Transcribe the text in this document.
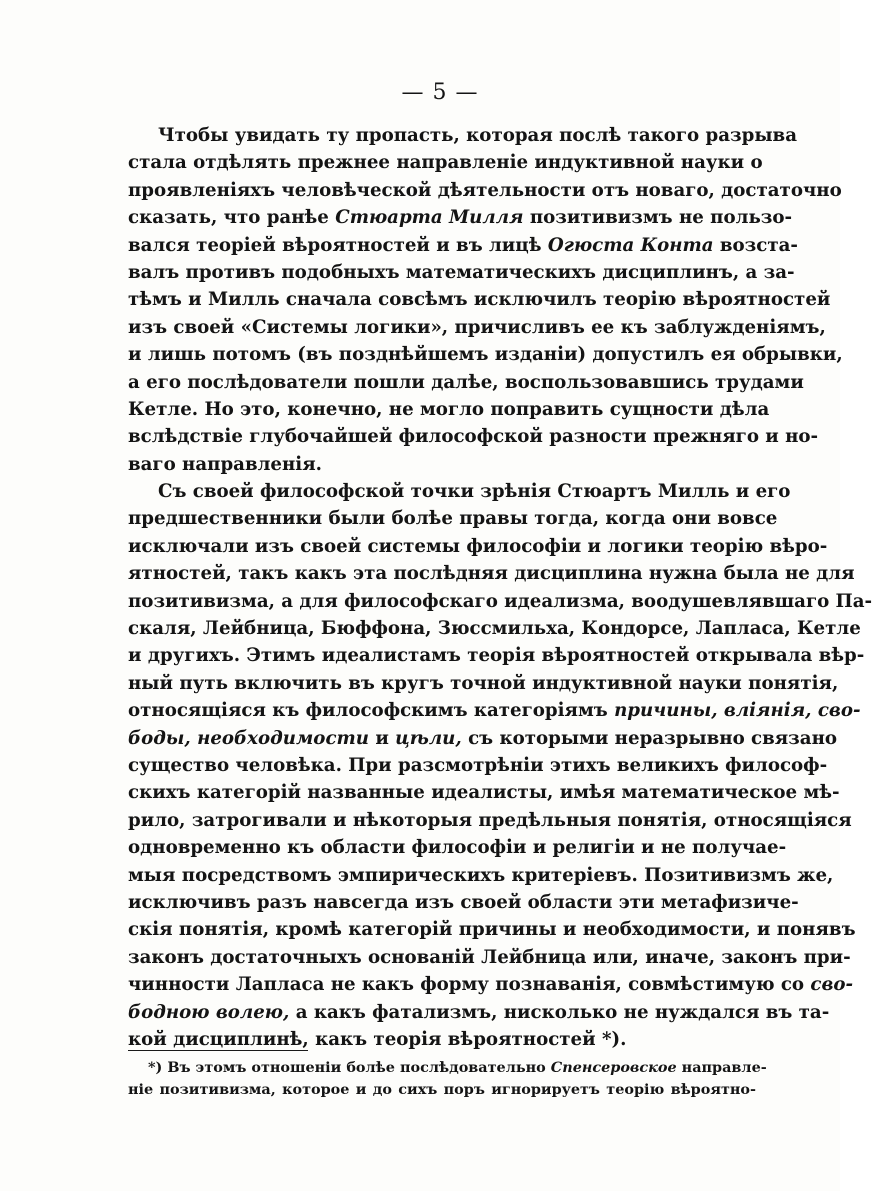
— 5 —
Чтобы увидать ту пропасть, которая послѣ такого разрыва
стала отдѣлять прежнее направленіе индуктивной науки о
проявленіяхъ человѣческой дѣятельности отъ новаго, достаточно
сказать, что ранѣе Стюарта Милля позитивизмъ не пользо-
вался теоріей вѣроятностей и въ лицѣ Огюста Конта возста-
валъ противъ подобныхъ математическихъ дисциплинъ, а за-
тѣмъ и Милль сначала совсѣмъ исключилъ теорію вѣроятностей
изъ своей «Системы логики», причисливъ ее къ заблужденіямъ,
и лишь потомъ (въ позднѣйшемъ изданіи) допустилъ ея обрывки,
а его послѣдователи пошли далѣе, воспользовавшись трудами
Кетле. Но это, конечно, не могло поправить сущности дѣла
вслѣдствіе глубочайшей философской разности прежняго и но-
ваго направленія.
Съ своей философской точки зрѣнія Стюартъ Милль и его
предшественники были болѣе правы тогда, когда они вовсе
исключали изъ своей системы философіи и логики теорію вѣро-
ятностей, такъ какъ эта послѣдняя дисциплина нужна была не для
позитивизма, а для философскаго идеализма, воодушевлявшаго Па-
скаля, Лейбница, Бюффона, Зюссмильха, Кондорсе, Лапласа, Кетле
и другихъ. Этимъ идеалистамъ теорія вѣроятностей открывала вѣр-
ный путь включить въ кругъ точной индуктивной науки понятія,
относящіяся къ философскимъ категоріямъ причины, вліянія, сво-
боды, необходимости и цѣли, съ которыми неразрывно связано
существо человѣка. При разсмотрѣніи этихъ великихъ философ-
скихъ категорій названные идеалисты, имѣя математическое мѣ-
рило, затрогивали и нѣкоторыя предѣльныя понятія, относящіяся
одновременно къ области философіи и религіи и не получае-
мыя посредствомъ эмпирическихъ критеріевъ. Позитивизмъ же,
исключивъ разъ навсегда изъ своей области эти метафизиче-
скія понятія, кромѣ категорій причины и необходимости, и понявъ
законъ достаточныхъ основаній Лейбница или, иначе, законъ при-
чинности Лапласа не какъ форму познаванія, совмѣстимую со сво-
бодною волею, а какъ фатализмъ, нисколько не нуждался въ та-
кой дисциплинѣ, какъ теорія вѣроятностей *).
*) Въ этомъ отношеніи болѣе послѣдовательно Спенсеровское направле-
ніе позитивизма, которое и до сихъ поръ игнорируетъ теорію вѣроятно-
